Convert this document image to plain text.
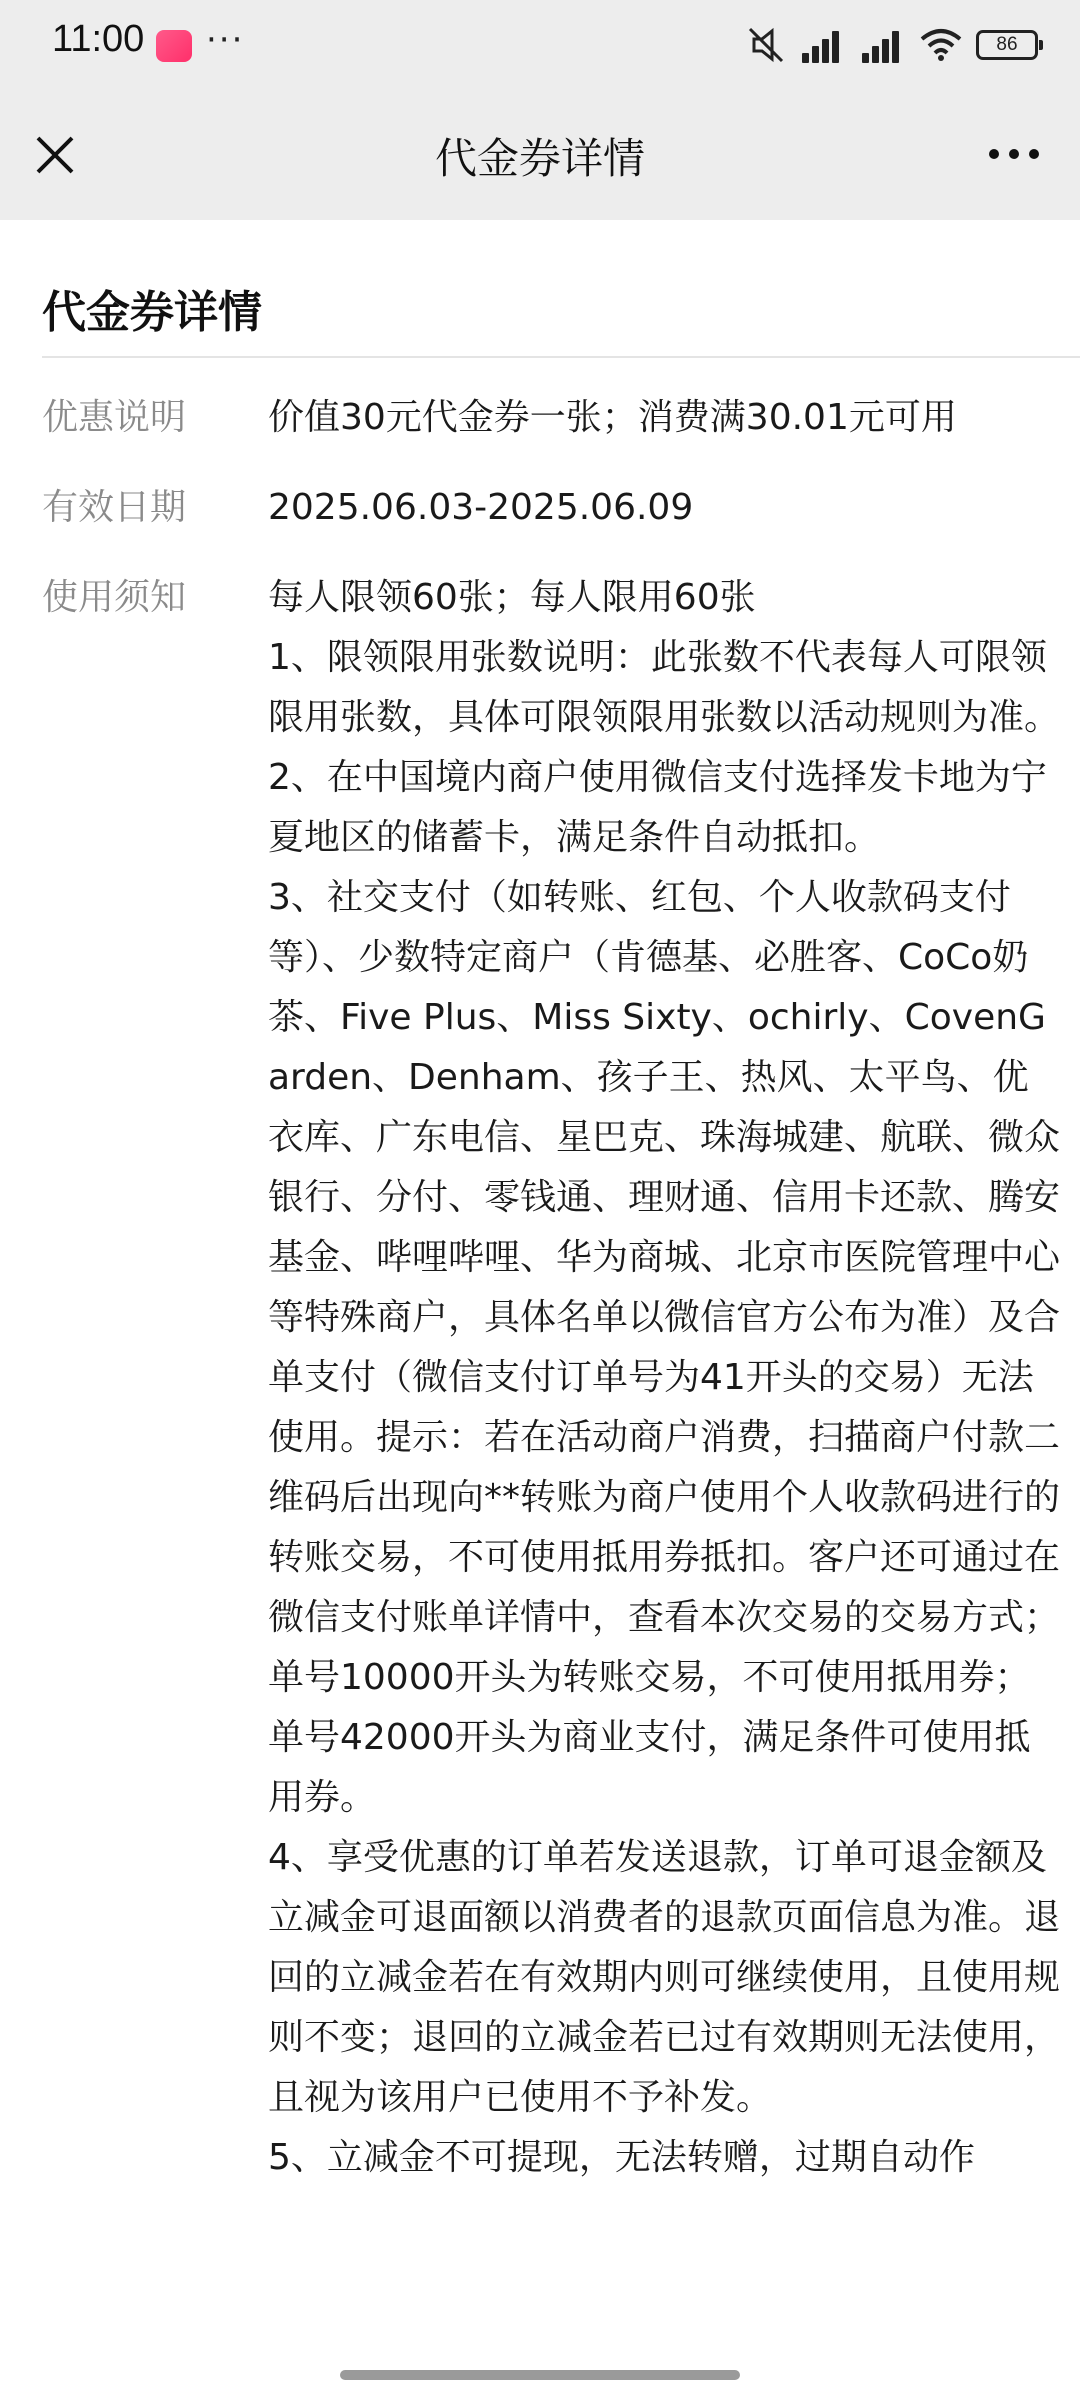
11:00 ···	86
代金券详情
代金券详情
优惠说明 价值30元代金券一张；消费满30.01元可用
有效日期 2025.06.03-2025.06.09
使用须知 每人限领60张；每人限用60张

1、限领限用张数说明：此张数不代表每人可限领限用张数，具体可限领限用张数以活动规则为准。

2、在中国境内商户使用微信支付选择发卡地为宁夏地区的储蓄卡，满足条件自动抵扣。

3、社交支付（如转账、红包、个人收款码支付等）、少数特定商户（肯德基、必胜客、CoCo奶茶、Five Plus、Miss Sixty、ochirly、CovenGarden、Denham、孩子王、热风、太平鸟、优衣库、广东电信、星巴克、珠海城建、航联、微众银行、分付、零钱通、理财通、信用卡还款、腾安基金、哔哩哔哩、华为商城、北京市医院管理中心等特殊商户，具体名单以微信官方公布为准）及合单支付（微信支付订单号为41开头的交易）无法使用。提示：若在活动商户消费，扫描商户付款二维码后出现向**转账为商户使用个人收款码进行的转账交易，不可使用抵用券抵扣。客户还可通过在微信支付账单详情中，查看本次交易的交易方式；单号10000开头为转账交易，不可使用抵用券；单号42000开头为商业支付，满足条件可使用抵用券。

4、享受优惠的订单若发送退款，订单可退金额及立减金可退面额以消费者的退款页面信息为准。退回的立减金若在有效期内则可继续使用，且使用规则不变；退回的立减金若已过有效期则无法使用，且视为该用户已使用不予补发。

5、立减金不可提现，无法转赠，过期自动作
